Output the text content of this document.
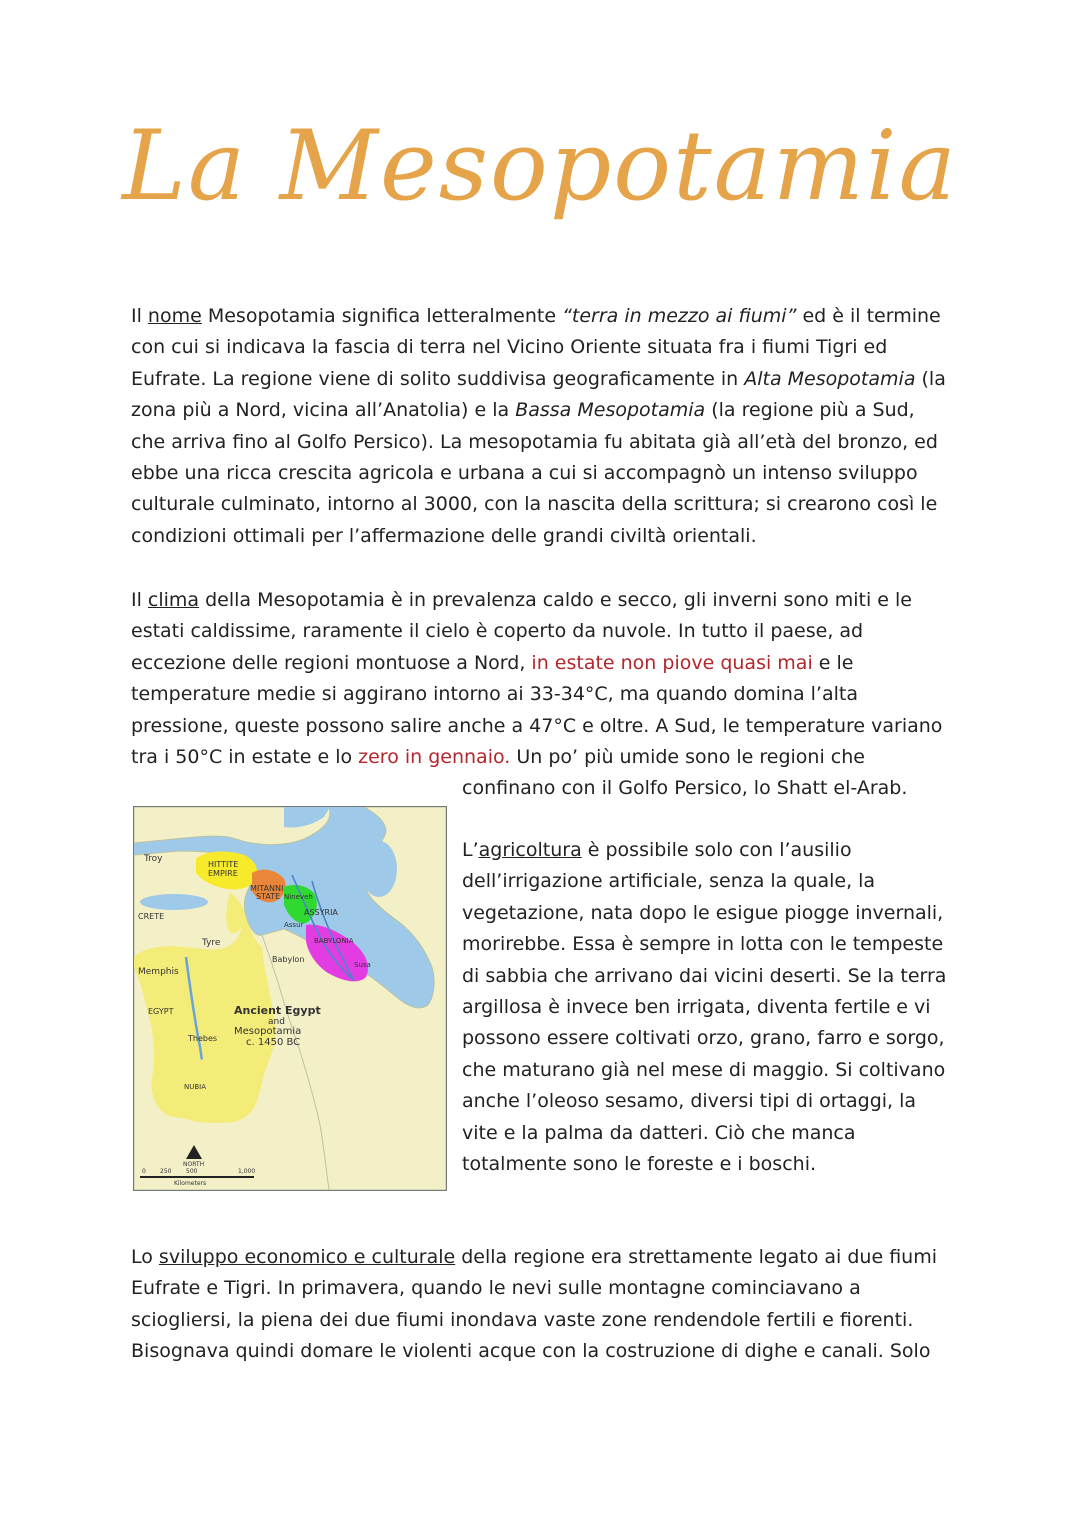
La Mesopotamia

Il nome Mesopotamia significa letteralmente “terra in mezzo ai fiumi” ed è il termine con cui si indicava la fascia di terra nel Vicino Oriente situata fra i fiumi Tigri ed Eufrate. La regione viene di solito suddivisa geograficamente in Alta Mesopotamia (la zona più a Nord, vicina all’Anatolia) e la Bassa Mesopotamia (la regione più a Sud, che arriva fino al Golfo Persico). La mesopotamia fu abitata già all’età del bronzo, ed ebbe una ricca crescita agricola e urbana a cui si accompagnò un intenso sviluppo culturale culminato, intorno al 3000, con la nascita della scrittura; si crearono così le condizioni ottimali per l’affermazione delle grandi civiltà orientali.

Il clima della Mesopotamia è in prevalenza caldo e secco, gli inverni sono miti e le estati caldissime, raramente il cielo è coperto da nuvole. In tutto il paese, ad eccezione delle regioni montuose a Nord, in estate non piove quasi mai e le temperature medie si aggirano intorno ai 33-34°C, ma quando domina l’alta pressione, queste possono salire anche a 47°C e oltre. A Sud, le temperature variano tra i 50°C in estate e lo zero in gennaio. Un po’ più umide sono le regioni che

confinano con il Golfo Persico, lo Shatt el-Arab.

Troy
HITTITE
EMPIRE
MITANNI
STATE Nineveh
ASSYRIA
Assur
CRETE
Tyre	BABYLONIA
Babylon
Susa
Memphis
EGYPT
Thebes
NUBIA
Ancient Egypt
and
Mesopotamia
c. 1450 BC
NORTH
0 250 500	1,000
Kilometers

L’agricoltura è possibile solo con l’ausilio dell’irrigazione artificiale, senza la quale, la vegetazione, nata dopo le esigue piogge invernali, morirebbe. Essa è sempre in lotta con le tempeste di sabbia che arrivano dai vicini deserti. Se la terra argillosa è invece ben irrigata, diventa fertile e vi possono essere coltivati orzo, grano, farro e sorgo, che maturano già nel mese di maggio. Si coltivano anche l’oleoso sesamo, diversi tipi di ortaggi, la vite e la palma da datteri. Ciò che manca totalmente sono le foreste e i boschi.

Lo sviluppo economico e culturale della regione era strettamente legato ai due fiumi Eufrate e Tigri. In primavera, quando le nevi sulle montagne cominciavano a sciogliersi, la piena dei due fiumi inondava vaste zone rendendole fertili e fiorenti. Bisognava quindi domare le violenti acque con la costruzione di dighe e canali. Solo
